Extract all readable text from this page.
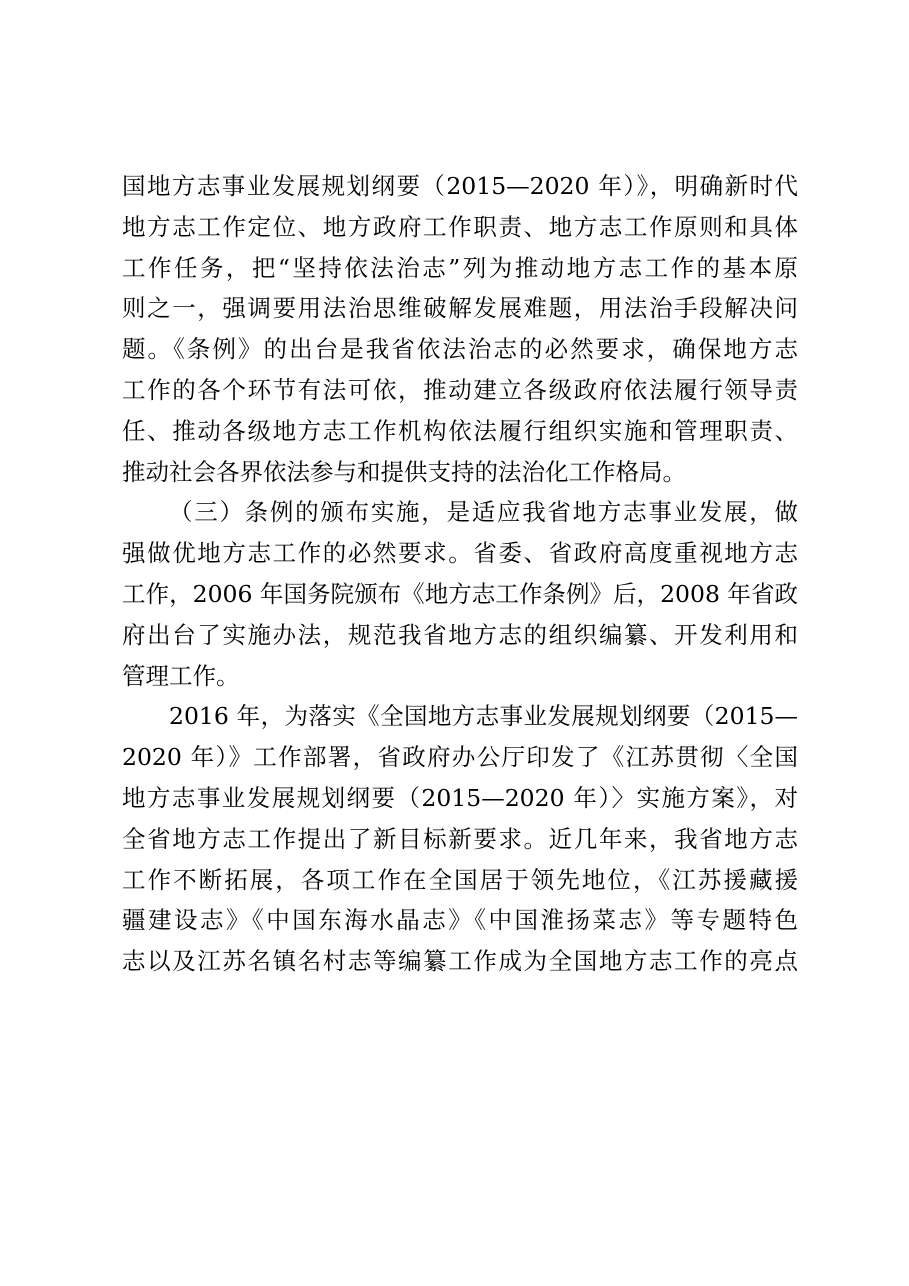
国地方志事业发展规划纲要（2015—2020 年）》，明确新时代
地方志工作定位、地方政府工作职责、地方志工作原则和具体
工作任务，把“坚持依法治志”列为推动地方志工作的基本原
则之一，强调要用法治思维破解发展难题，用法治手段解决问
题。《条例》的出台是我省依法治志的必然要求，确保地方志
工作的各个环节有法可依，推动建立各级政府依法履行领导责
任、推动各级地方志工作机构依法履行组织实施和管理职责、
推动社会各界依法参与和提供支持的法治化工作格局。
（三）条例的颁布实施，是适应我省地方志事业发展，做
强做优地方志工作的必然要求。省委、省政府高度重视地方志
工作，2006 年国务院颁布《地方志工作条例》后，2008 年省政
府出台了实施办法，规范我省地方志的组织编纂、开发利用和
管理工作。
2016 年，为落实《全国地方志事业发展规划纲要（2015—
2020 年）》工作部署，省政府办公厅印发了《江苏贯彻〈全国
地方志事业发展规划纲要（2015—2020 年）〉实施方案》，对
全省地方志工作提出了新目标新要求。近几年来，我省地方志
工作不断拓展，各项工作在全国居于领先地位，《江苏援藏援
疆建设志》《中国东海水晶志》《中国淮扬菜志》等专题特色
志以及江苏名镇名村志等编纂工作成为全国地方志工作的亮点
